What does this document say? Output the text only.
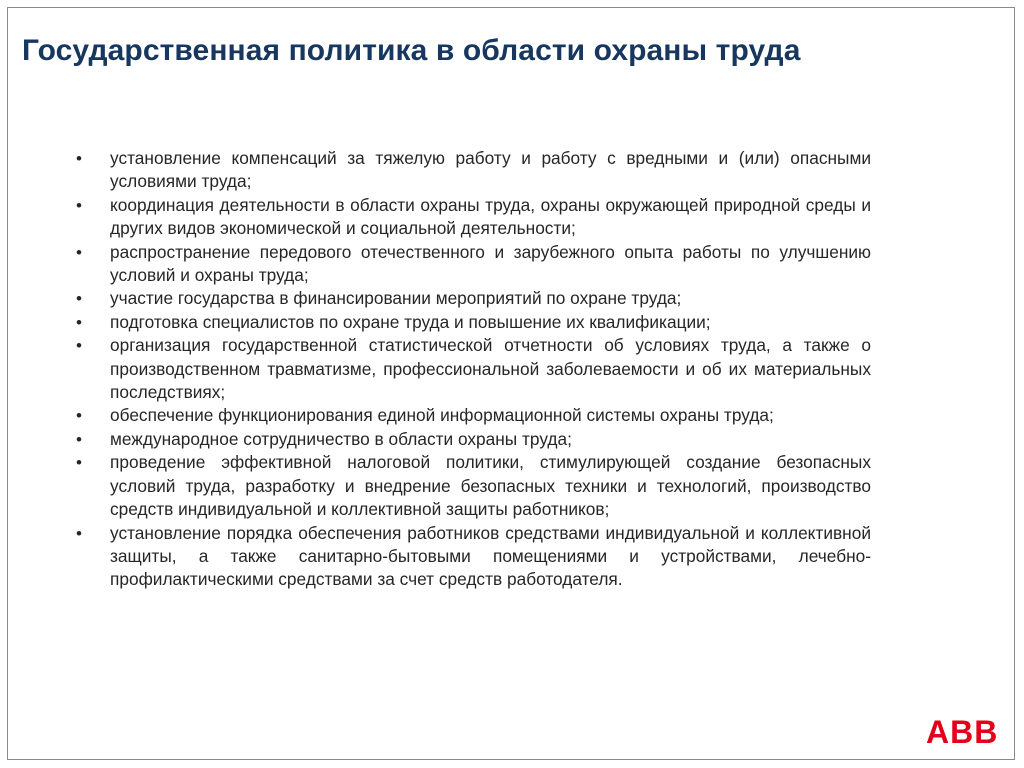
Государственная политика в области охраны труда
• установление компенсаций за тяжелую работу и работу с вредными и (или) опасными условиями труда;
• координация деятельности в области охраны труда, охраны окружающей природной среды и других видов экономической и социальной деятельности;
• распространение передового отечественного и зарубежного опыта работы по улучшению условий и охраны труда;
• участие государства в финансировании мероприятий по охране труда;
• подготовка специалистов по охране труда и повышение их квалификации;
• организация государственной статистической отчетности об условиях труда, а также о производственном травматизме, профессиональной заболеваемости и об их материальных последствиях;
• обеспечение функционирования единой информационной системы охраны труда;
• международное сотрудничество в области охраны труда;
• проведение эффективной налоговой политики, стимулирующей создание безопасных условий труда, разработку и внедрение безопасных техники и технологий, производство средств индивидуальной и коллективной защиты работников;
• установление порядка обеспечения работников средствами индивидуальной и коллективной защиты, а также санитарно-бытовыми помещениями и устройствами, лечебно-профилактическими средствами за счет средств работодателя.
ABB
